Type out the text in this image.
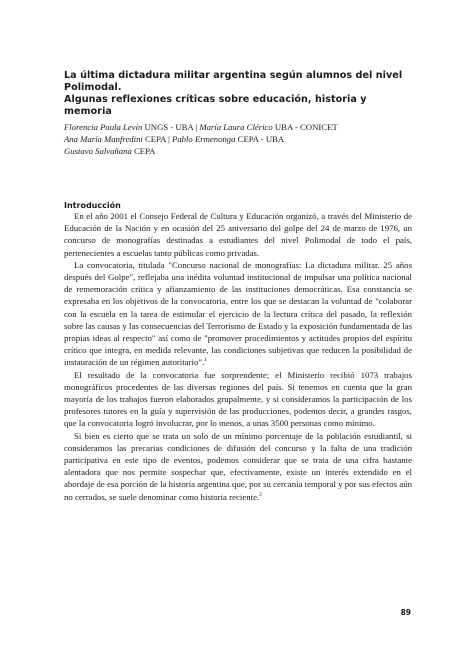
La última dictadura militar argentina según alumnos del nivel Polimodal.
Algunas reflexiones críticas sobre educación, historia y memoria
Florencia Paula Levín UNGS - UBA | María Laura Clérico UBA - CONICET
Ana María Manfredini CEPA | Pablo Ermenonga CEPA - UBA
Gustavo Salvañana CEPA
Introducción

En el año 2001 el Consejo Federal de Cultura y Educación organizó, a través del Ministerio de Educación de la Nación y en ocasión del 25 aniversario del golpe del 24 de marzo de 1976, un concurso de monografías destinadas a estudiantes del nivel Polimodal de todo el país, pertenecientes a escuelas tanto públicas como privadas.

La convocatoria, titulada "Concurso nacional de monografías: La dictadura militar. 25 años después del Golpe", reflejaba una inédita voluntad institucional de impulsar una política nacional de rememoración crítica y afianzamiento de las instituciones democráticas. Esa constancia se expresaba en los objetivos de la convocatoria, entre los que se destacan la voluntad de "colaborar con la escuela en la tarea de estimular el ejercicio de la lectura crítica del pasado, la reflexión sobre las causas y las consecuencias del Terrorismo de Estado y la exposición fundamentada de las propias ideas al respecto" así como de "promover procedimientos y actitudes propios del espíritu crítico que integra, en medida relevante, las condiciones subjetivas que reducen la posibilidad de instauración de un régimen autoritario".$^1$

El resultado de la convocatoria fue sorprendente; el Ministerio recibió 1073 trabajos monográficos procedentes de las diversas regiones del país. Si tenemos en cuenta que la gran mayoría de los trabajos fueron elaborados grupalmente, y si consideramos la participación de los profesores tutores en la guía y supervisión de las producciones, podemos decir, a grandes rasgos, que la convocatoria logró involucrar, por lo menos, a unas 3500 personas como mínimo.

Si bien es cierto que se trata un solo de un mínimo porcentaje de la población estudiantil, si consideramos las precarias condiciones de difusión del concurso y la falta de una tradición participativa en este tipo de eventos, podemos considerar que se trata de una cifra bastante alentadora que nos permite sospechar que, efectivamente, existe un interés extendido en el abordaje de esa porción de la historia argentina que, por su cercanía temporal y por sus efectos aún no cerrados, se suele denominar como historia reciente.$^2$

89
